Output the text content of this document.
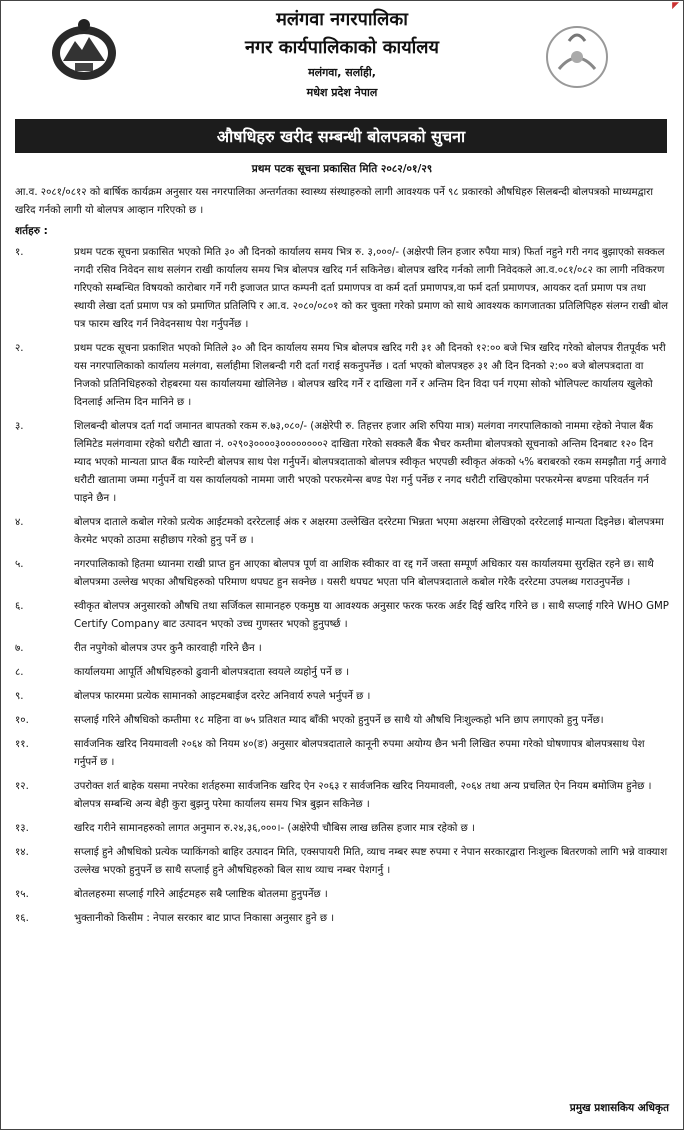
◤
मलंगवा नगरपालिका
नगर कार्यपालिकाको कार्यालय
मलंगवा, सर्लाही,
मधेश प्रदेश नेपाल
औषधिहरु खरीद सम्बन्धी बोलपत्रको सुचना
प्रथम पटक सूचना प्रकासित मिति २०८२/०१/२९
आ.व. २०८१/०८१२ को बार्षिक कार्यक्रम अनुसार यस नगरपालिका अन्तर्गतका स्वास्थ्य संस्थाहरुको लागी आवश्यक पर्ने ९८ प्रकारको औषधिहरु सिलबन्दी बोलपत्रको माध्यमद्वारा खरिद गर्नको लागी यो बोलपत्र आव्हान गरिएको छ ।
शर्तहरु :
१.	प्रथम पटक सूचना प्रकासित भएको मिति ३० औ दिनको कार्यालय समय भित्र रु. ३,०००/- (अक्षेरपी लिन हजार रुपैया मात्र) फिर्ता नहुने गरी नगद बुझाएको सक्कल नगदी रसिव निवेदन साथ सलंगन राखी कार्यालय समय भित्र बोलपत्र खरिद गर्न सकिनेछ। बोलपत्र खरिद गर्नको लागी निवेदकले आ.व.०८१/०८२ का लागी नविकरण गरिएको सम्बन्धित विषयको कारोबार गर्ने गरी इजाजत प्राप्त कम्पनी दर्ता प्रमाणपत्र वा कर्म दर्ता प्रमाणपत्र,वा फर्म दर्ता प्रमाणपत्र, आयकर दर्ता प्रमाण पत्र तथा स्थायी लेखा दर्ता प्रमाण पत्र को प्रमाणित प्रतिलिपि र आ.व. २०८०/०८०१ को कर चुक्ता गरेको प्रमाण को साथे आवश्यक कागजातका प्रतिलिपिहरु संलग्न राखी बोल पत्र फारम खरिद गर्न निवेदनसाथ पेश गर्नुपर्नेछ ।
२.	प्रथम पटक सूचना प्रकाशित भएको मितिले ३० औ दिन कार्यालय समय भित्र बोलपत्र खरिद गरी ३१ औ दिनको १२:०० बजे भित्र खरिद गरेको बोलपत्र रीतपूर्वक भरी यस नगरपालिकाको कार्यालय मलंगवा, सर्लाहीमा शिलबन्दी गरी दर्ता गराई सकनुपर्नेछ । दर्ता भएको बोलपत्रहरु ३१ औ दिन दिनको २:०० बजे बोलपत्रदाता वा निजको प्रतिनिधिहरुको रोहबरमा यस कार्यालयमा खोलिनेछ । बोलपत्र खरिद गर्ने र दाखिला गर्ने र अन्तिम दिन विदा पर्न गएमा सोको भोलिपल्ट कार्यालय खुलेको दिनलाई अन्तिम दिन मानिने छ ।
३.	शिलबन्दी बोलपत्र दर्ता गर्दा जमानत बापतको रकम रु.७३,०८०/- (अक्षेरेपी रु. तिहत्तर हजार अशि रुपिया मात्र) मलंगवा नगरपालिकाको नाममा रहेको नेपाल बैंक लिमिटेड मलंगवामा रहेको धरौटी खाता नं. ०२९०३००००३००००००००२ दाखिता गरेको सक्कलै बैंक भैचर कम्तीमा बोलपत्रको सूचनाको अन्तिम दिनबाट १२० दिन म्याद भएको मान्यता प्राप्त बैंक ग्यारेन्टी बोलपत्र साथ पेश गर्नुपर्ने। बोलपत्रदाताको बोलपत्र स्वीकृत भएपछी स्वीकृत अंकको ५% बराबरको रकम समझौता गर्नु अगावे धरौटी खातामा जम्मा गर्नुपर्ने वा यस कार्यालयको नाममा जारी भएको परफरमेन्स बण्ड पेश गर्नु पर्नेछ र नगद धरौटी राखिएकोमा परफरमेन्स बण्डमा परिवर्तन गर्न पाइने छैन ।
४.	बोलपत्र दाताले कबोल गरेको प्रत्येक आईटमको दररेटलाई अंक र अक्षरमा उल्लेखित दररेटमा भिन्नता भएमा अक्षरमा लेखिएको दररेटलाई मान्यता दिइनेछ। बोलपत्रमा केरमेट भएको ठाउमा सहीछाप गरेको हुनु पर्ने छ ।
५.	नगरपालिकाको हितमा ध्यानमा राखी प्राप्त हुन आएका बोलपत्र पूर्ण वा आशिक स्वीकार वा रद्द गर्ने जस्ता सम्पूर्ण अधिकार यस कार्यालयमा सुरक्षित रहने छ। साथै बोलपत्रमा उल्लेख भएका औषधिहरुको परिमाण थपघट हुन सक्नेछ । यसरी थपघट भएता पनि बोलपत्रदाताले कबोल गरेकै दररेटमा उपलब्ध गराउनुपर्नेछ ।
६.	स्वीकृत बोलपत्र अनुसारको औषधि तथा सर्जिकल सामानहरु एकमुष्ठ या आवश्यक अनुसार फरक फरक अर्डर दिई खरिद गरिने छ । साथै सप्लाई गरिने WHO GMP Certify Company बाट उत्पादन भएको उच्च गुणस्तर भएको हुनुपर्ष्छ ।
७.	रीत नपुगेको बोलपत्र उपर कुनै कारवाही गरिने छैन ।
८.	कार्यालयमा आपूर्ति औषधिहरुको ढुवानी बोलपत्रदाता स्वयले व्यहोर्नु पर्ने छ ।
९.	बोलपत्र फारममा प्रत्येक सामानको आइटमबाईज दररेट अनिवार्य रुपले भर्नुपर्ने छ ।
१०.	सप्लाई गरिने औषधिको कम्तीमा १८ महिना वा ७५ प्रतिशत म्याद बाँकी भएको हुनुपर्ने छ साथै यो औषधि निःशुल्कहो भनि छाप लगाएको हुनु पर्नेछ।
११.	सार्वजनिक खरिद नियमावली २०६४ को नियम ४०(ङ) अनुसार बोलपत्रदाताले कानूनी रुपमा अयोग्य छैन भनी लिखित रुपमा गरेको घोषणापत्र बोलपत्रसाथ पेश गर्नुपर्ने छ ।
१२.	उपरोक्त शर्त बाहेक यसमा नपरेका शर्तहरुमा सार्वजनिक खरिद ऐन २०६३ र सार्वजनिक खरिद नियमावली, २०६४ तथा अन्य प्रचलित ऐन नियम बमोजिम हुनेछ । बोलपत्र सम्बन्धि अन्य बेही कुरा बुझनु परेमा कार्यालय समय भित्र बुझन सकिनेछ ।
१३.	खरिद गरीने सामानहरुको लागत अनुमान रु.२४,३६,०००।- (अक्षेरेपी चौबिस लाख छतिस हजार मात्र रहेको छ ।
१४.	सप्लाई हुने औषधिको प्रत्येक प्याकिंगको बाहिर उत्पादन मिति, एक्सपायरी मिति, व्याच नम्बर स्पष्ट रुपमा र नेपान सरकारद्वारा निःशुल्क बितरणको लागि भन्ने वाक्याश उल्लेख भएको हुनुपर्ने छ साथै सप्लाई हुने औषधिहरुको बिल साथ व्याच नम्बर पेशगर्नु ।
१५.	बोतलहरुमा सप्लाई गरिने आईटमहरु सबै प्लाष्टिक बोतलमा हुनुपर्नेछ ।
१६.	भुक्तानीको किसीम : नेपाल सरकार बाट प्राप्त निकासा अनुसार हुने छ ।
प्रमुख प्रशासकिय अधिकृत
